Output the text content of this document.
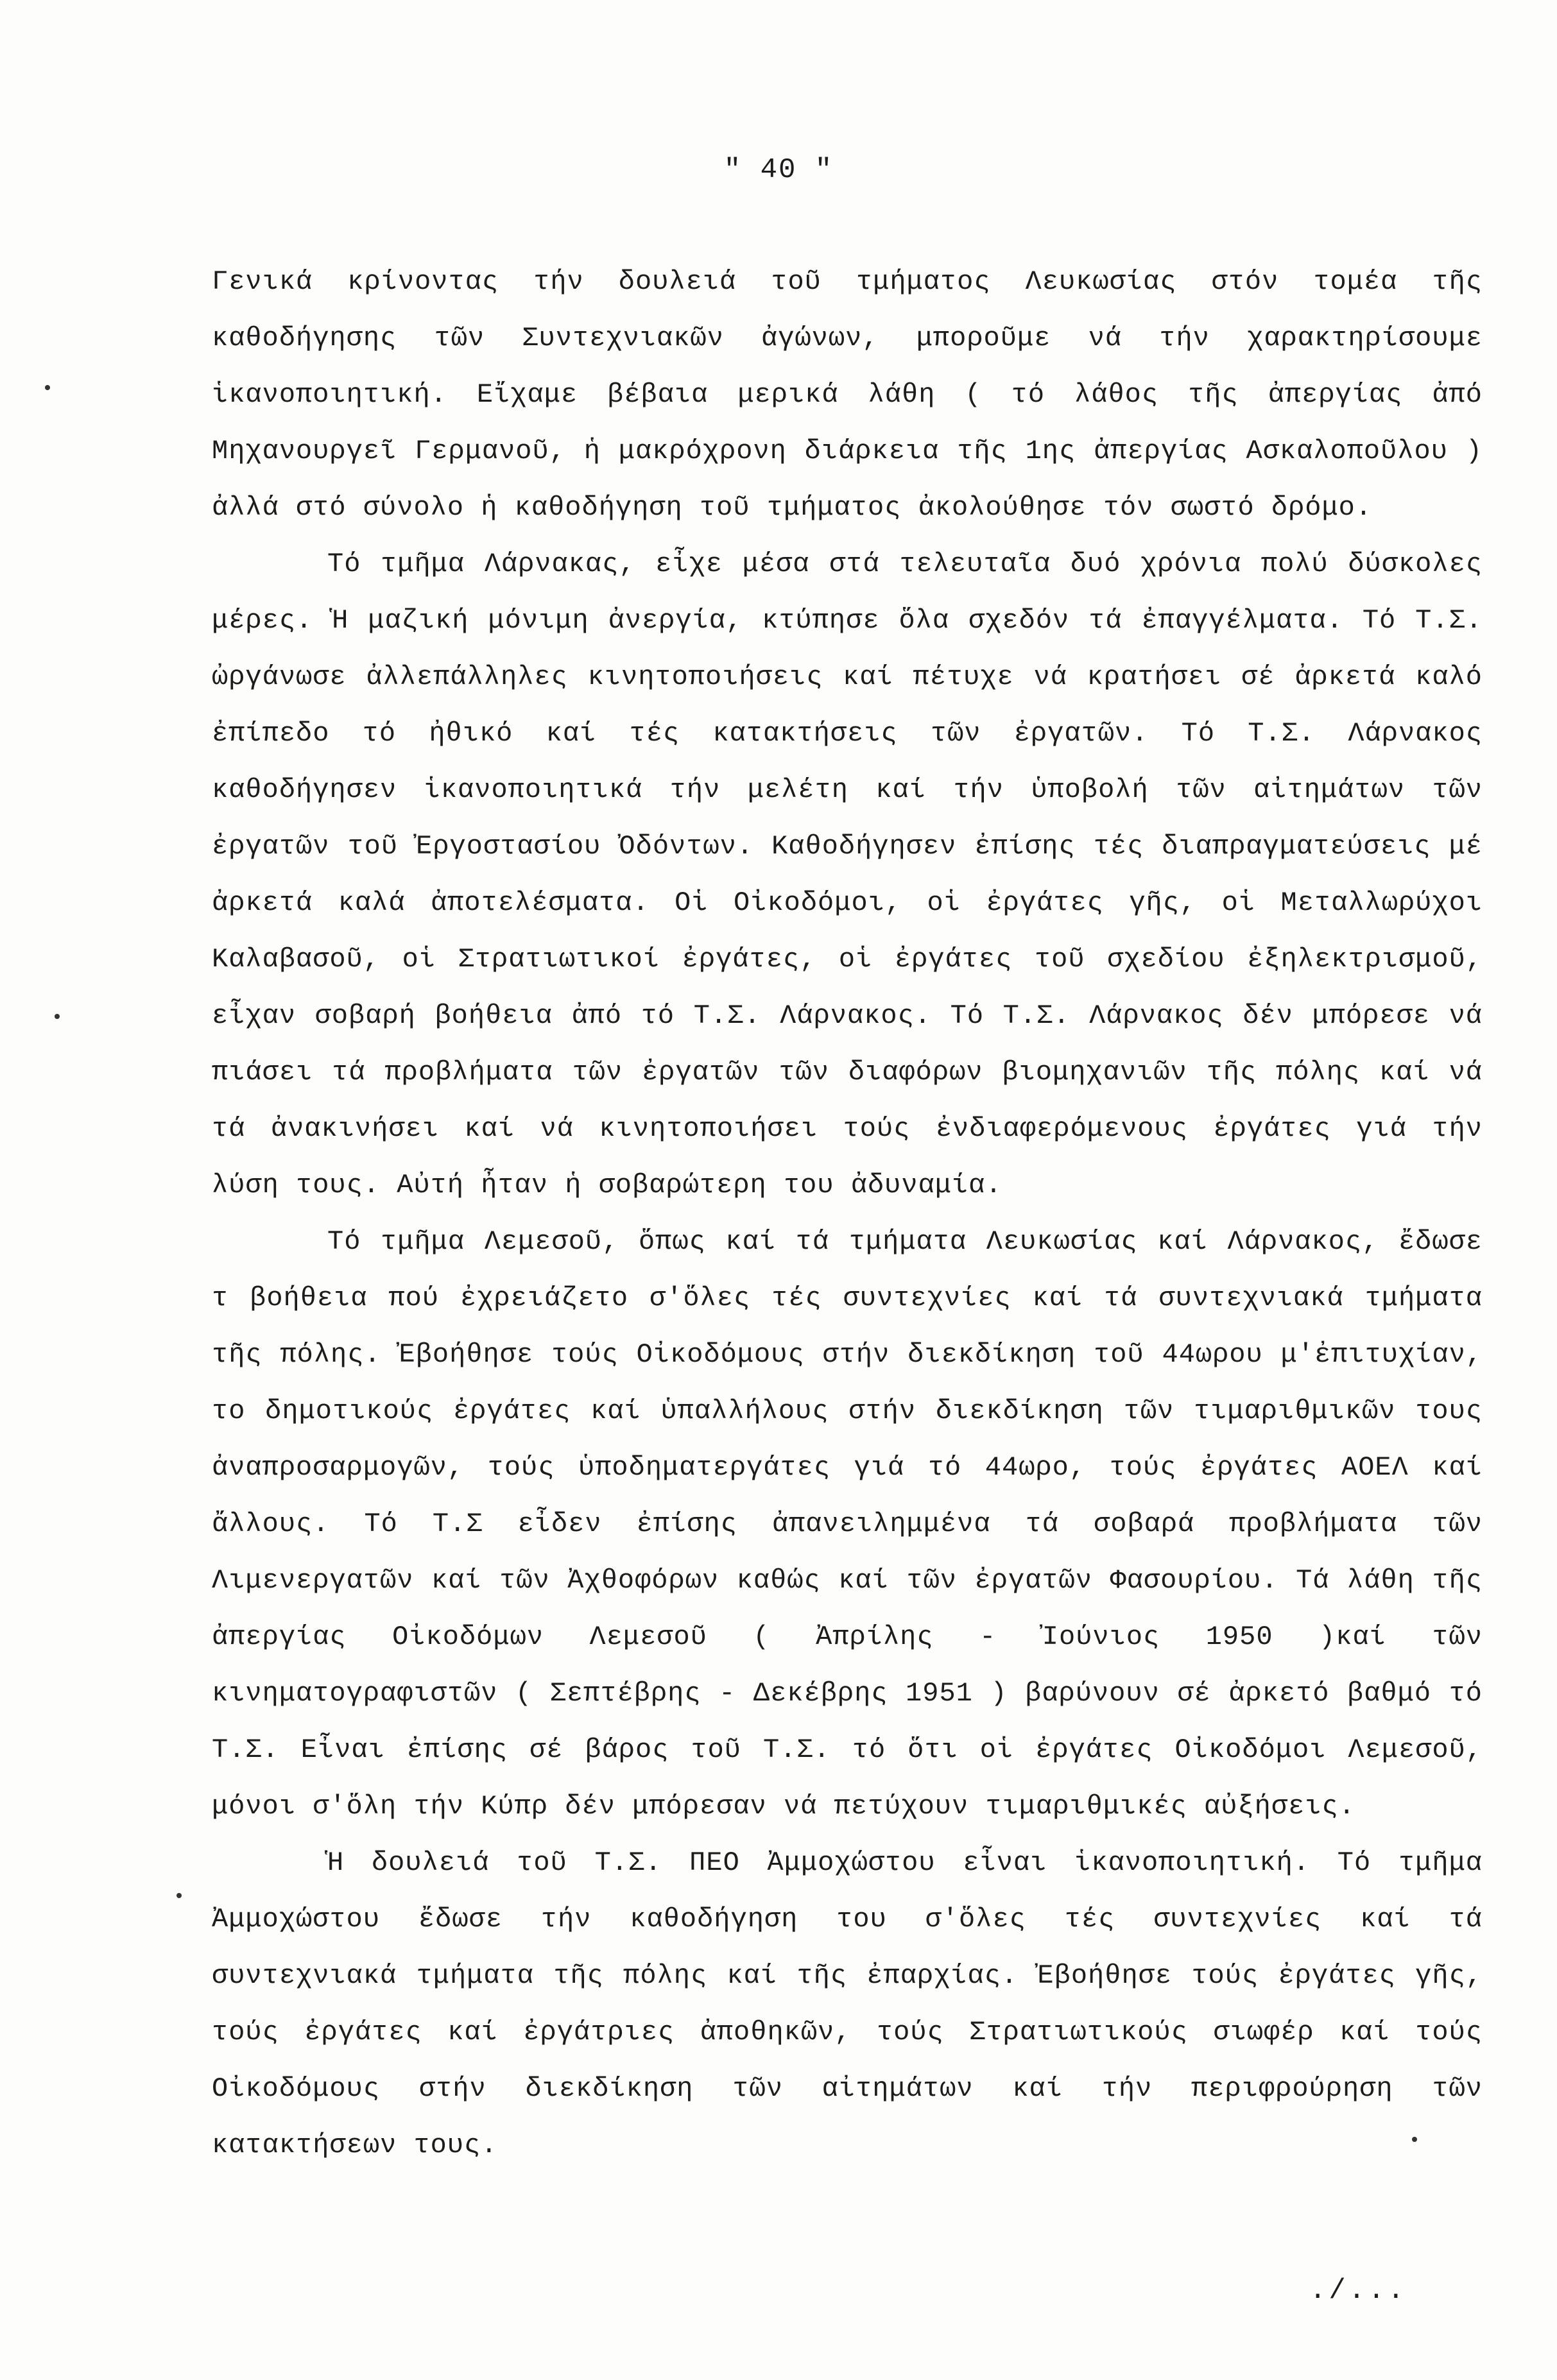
" 40 "

Γενικά κρίνοντας τήν δουλειά τοῦ τμήματος Λευκωσίας στόν τομέα τῆς καθοδήγησης τῶν Συντεχνιακῶν ἀγώνων, μποροῦμε νά τήν χαρακτηρίσουμε ἱκανοποιητική. Εἴχαμε βέβαια μερικά λάθη ( τό λάθος τῆς ἀπεργίας ἀπό Μηχανουργεῖ Γερμανοῦ, ἡ μακρόχρονη διάρκεια τῆς 1ης ἀπεργίας Ασκαλοποῦλου ) ἀλλά στό σύνολο ἡ καθοδήγηση τοῦ τμήματος ἀκολούθησε τόν σωστό δρόμο.

Τό τμῆμα Λάρνακας, εἶχε μέσα στά τελευταῖα δυό χρόνια πολύ δύσκολες μέρες. Ἡ μαζική μόνιμη ἀνεργία, κτύπησε ὅλα σχεδόν τά ἐπαγγέλματα. Τό Τ.Σ. ὠργάνωσε ἀλλεπάλληλες κινητοποιήσεις καί πέτυχε νά κρατήσει σέ ἀρκετά καλό ἐπίπεδο τό ἠθικό καί τές κατακτήσεις τῶν ἐργατῶν. Τό Τ.Σ. Λάρνακος καθοδήγησεν ἱκανοποιητικά τήν μελέτη καί τήν ὑποβολή τῶν αἰτημάτων τῶν ἐργατῶν τοῦ Ἐργοστασίου Ὀδόντων. Καθοδήγησεν ἐπίσης τές διαπραγματεύσεις μέ ἀρκετά καλά ἀποτελέσματα. Οἱ Οἰκοδόμοι, οἱ ἐργάτες γῆς, οἱ Μεταλλωρύχοι Καλαβασοῦ, οἱ Στρατιωτικοί ἐργάτες, οἱ ἐργάτες τοῦ σχεδίου ἐξηλεκτρισμοῦ, εἶχαν σοβαρή βοήθεια ἀπό τό Τ.Σ. Λάρνακος. Τό Τ.Σ. Λάρνακος δέν μπόρεσε νά πιάσει τά προβλήματα τῶν ἐργατῶν τῶν διαφόρων βιομηχανιῶν τῆς πόλης καί νά τά ἀνακινήσει καί νά κινητοποιήσει τούς ἐνδιαφερόμενους ἐργάτες γιά τήν λύση τους. Αὐτή ἦταν ἡ σοβαρώτερη του ἀδυναμία.

Τό τμῆμα Λεμεσοῦ, ὅπως καί τά τμήματα Λευκωσίας καί Λάρνακος, ἔδωσε τ βοήθεια πού ἐχρειάζετο σ'ὅλες τές συντεχνίες καί τά συντεχνιακά τμήματα τῆς πόλης. Ἐβοήθησε τούς Οἰκοδόμους στήν διεκδίκηση τοῦ 44ωρου μ'ἐπιτυχίαν, το δημοτικούς ἐργάτες καί ὑπαλλήλους στήν διεκδίκηση τῶν τιμαριθμικῶν τους ἀναπροσαρμογῶν, τούς ὑποδηματεργάτες γιά τό 44ωρο, τούς ἐργάτες ΑΟΕΛ καί ἄλλους. Τό Τ.Σ εἶδεν ἐπίσης ἀπανειλημμένα τά σοβαρά προβλήματα τῶν Λιμενεργατῶν καί τῶν Ἀχθοφόρων καθώς καί τῶν ἐργατῶν Φασουρίου. Τά λάθη τῆς ἀπεργίας Οἰκοδόμων Λεμεσοῦ ( Ἀπρίλης - Ἰούνιος 1950 )καί τῶν κινηματογραφιστῶν ( Σεπτέβρης - Δεκέβρης 1951 ) βαρύνουν σέ ἀρκετό βαθμό τό Τ.Σ. Εἶναι ἐπίσης σέ βάρος τοῦ Τ.Σ. τό ὅτι οἱ ἐργάτες Οἰκοδόμοι Λεμεσοῦ, μόνοι σ'ὅλη τήν Κύπρ δέν μπόρεσαν νά πετύχουν τιμαριθμικές αὐξήσεις.

Ἡ δουλειά τοῦ Τ.Σ. ΠΕΟ Ἀμμοχώστου εἶναι ἱκανοποιητική. Τό τμῆμα Ἀμμοχώστου ἔδωσε τήν καθοδήγηση του σ'ὅλες τές συντεχνίες καί τά συντεχνιακά τμήματα τῆς πόλης καί τῆς ἐπαρχίας. Ἐβοήθησε τούς ἐργάτες γῆς, τούς ἐργάτες καί ἐργάτριες ἀποθηκῶν, τούς Στρατιωτικούς σιωφέρ καί τούς Οἰκοδόμους στήν διεκδίκηση τῶν αἰτημάτων καί τήν περιφρούρηση τῶν κατακτήσεων τους.

./...
